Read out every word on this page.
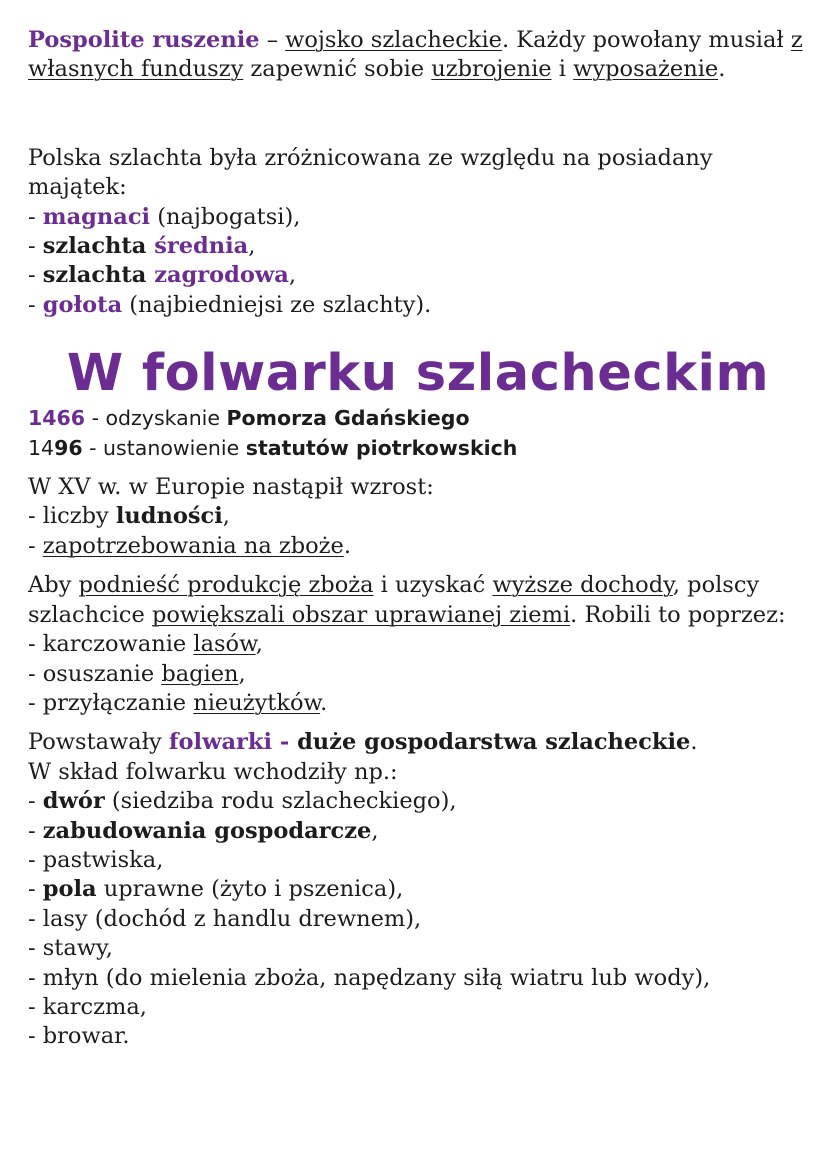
Pospolite ruszenie – wojsko szlacheckie. Każdy powołany musiał z własnych funduszy zapewnić sobie uzbrojenie i wyposażenie.

Polska szlachta była zróżnicowana ze względu na posiadany majątek:

- magnaci (najbogatsi),

- szlachta średnia,

- szlachta zagrodowa,

- gołota (najbiedniejsi ze szlachty).

W folwarku szlacheckim

1466 - odzyskanie Pomorza Gdańskiego

1496 - ustanowienie statutów piotrkowskich

W XV w. w Europie nastąpił wzrost:

- liczby ludności,

- zapotrzebowania na zboże.

Aby podnieść produkcję zboża i uzyskać wyższe dochody, polscy szlachcice powiększali obszar uprawianej ziemi. Robili to poprzez:

- karczowanie lasów,

- osuszanie bagien,

- przyłączanie nieużytków.

Powstawały folwarki - duże gospodarstwa szlacheckie.

W skład folwarku wchodziły np.:

- dwór (siedziba rodu szlacheckiego),

- zabudowania gospodarcze,

- pastwiska,

- pola uprawne (żyto i pszenica),

- lasy (dochód z handlu drewnem),

- stawy,

- młyn (do mielenia zboża, napędzany siłą wiatru lub wody),

- karczma,

- browar.
